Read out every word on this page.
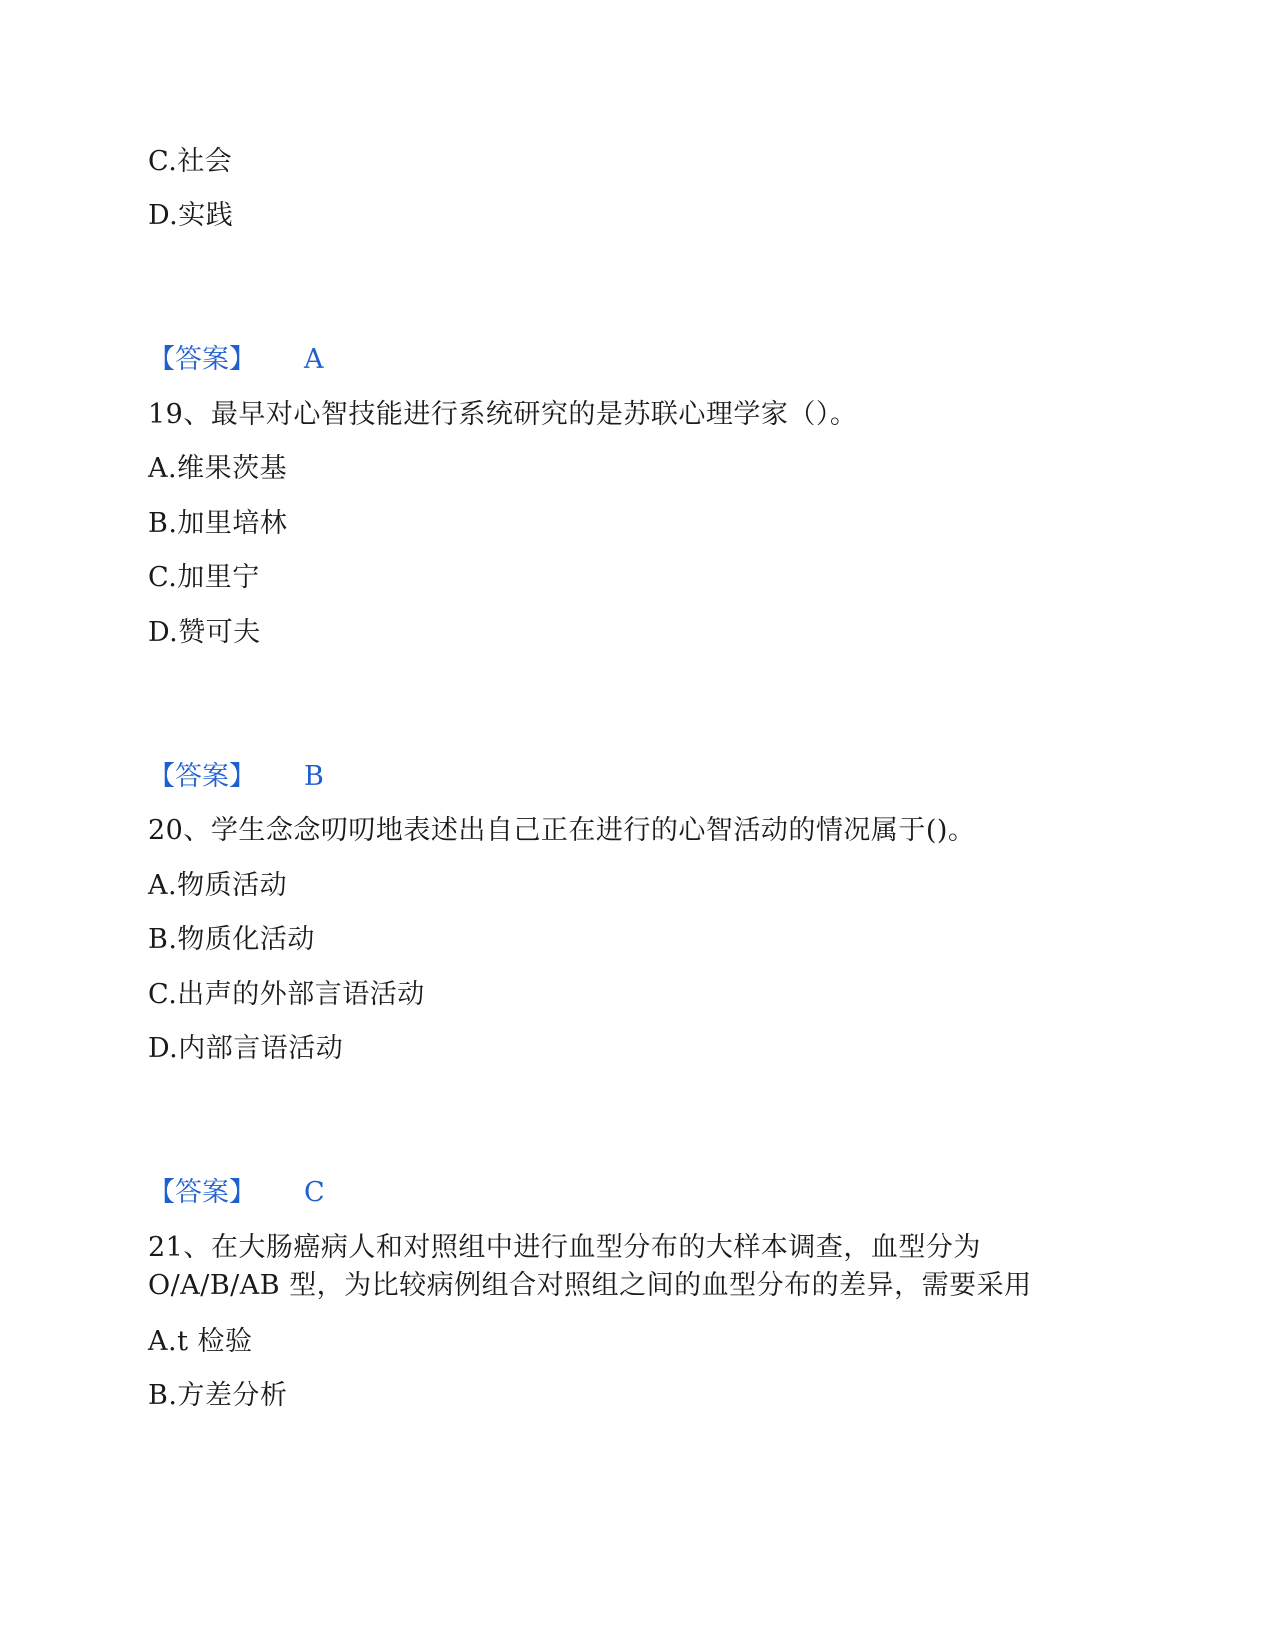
C.社会
D.实践
【答案】 A
19、最早对心智技能进行系统研究的是苏联心理学家（）。
A.维果茨基
B.加里培林
C.加里宁
D.赞可夫
【答案】 B
20、学生念念叨叨地表述出自己正在进行的心智活动的情况属于()。
A.物质活动
B.物质化活动
C.出声的外部言语活动
D.内部言语活动
【答案】 C
21、在大肠癌病人和对照组中进行血型分布的大样本调查，血型分为
O/A/B/AB 型，为比较病例组合对照组之间的血型分布的差异，需要采用
A.t 检验
B.方差分析
